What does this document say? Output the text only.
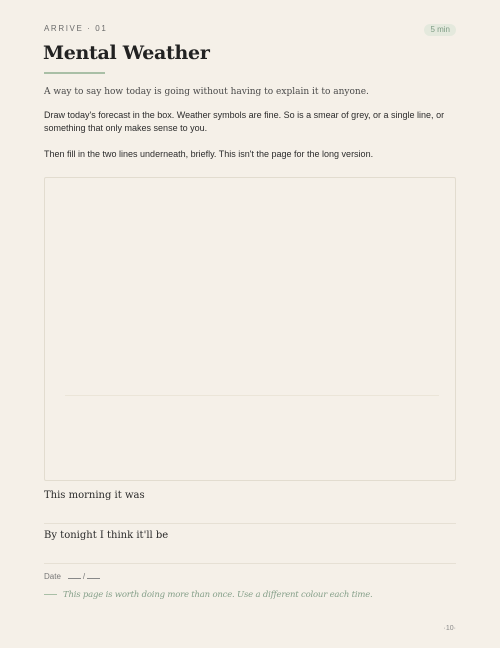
ARRIVE · 01	5 min
Mental Weather
A way to say how today is going without having to explain it to anyone.

Draw today's forecast in the box. Weather symbols are fine. So is a smear of grey, or a single line, or something that only makes sense to you.

Then fill in the two lines underneath, briefly. This isn't the page for the long version.

This morning it was
By tonight I think it'll be
Date	/
This page is worth doing more than once. Use a different colour each time.
·10·
